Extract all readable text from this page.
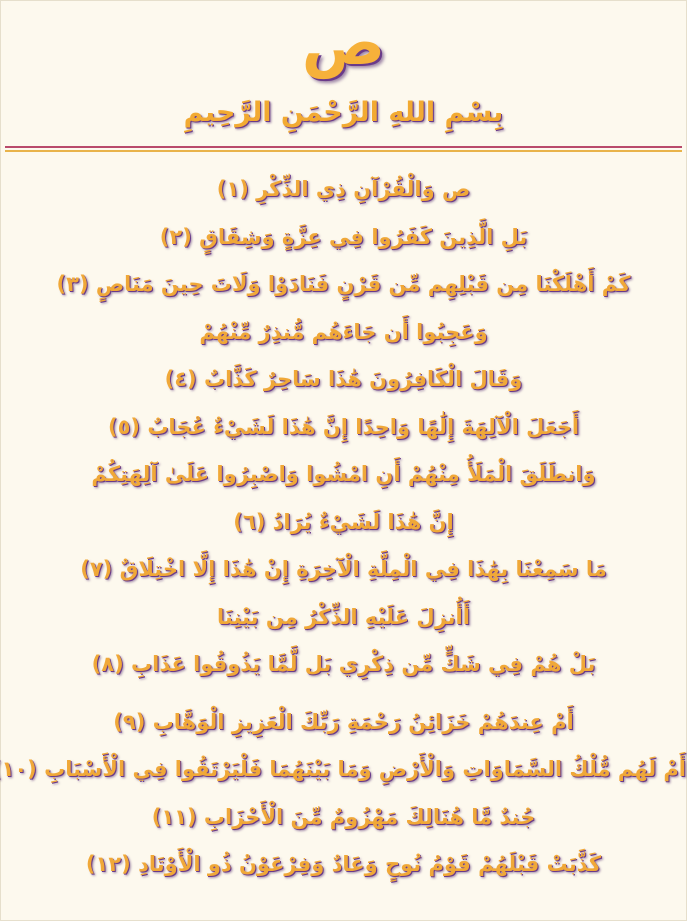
ص
بِسْمِ اللهِ الرَّحْمَنِ الرَّحِيمِ
ص وَالْقُرْآنِ ذِي الذِّكْرِ (١)
بَلِ الَّذِينَ كَفَرُوا فِي عِزَّةٍ وَشِقَاقٍ (٢)
كَمْ أَهْلَكْنَا مِن قَبْلِهِم مِّن قَرْنٍ فَنَادَوْا وَلَاتَ حِينَ مَنَاصٍ (٣)
وَعَجِبُوا أَن جَاءَهُم مُّنذِرٌ مِّنْهُمْ
وَقَالَ الْكَافِرُونَ هَٰذَا سَاحِرٌ كَذَّابٌ (٤)
أَجَعَلَ الْآلِهَةَ إِلَٰهًا وَاحِدًا إِنَّ هَٰذَا لَشَيْءٌ عُجَابٌ (٥)
وَانطَلَقَ الْمَلَأُ مِنْهُمْ أَنِ امْشُوا وَاصْبِرُوا عَلَىٰ آلِهَتِكُمْ
إِنَّ هَٰذَا لَشَيْءٌ يُرَادُ (٦)
مَا سَمِعْنَا بِهَٰذَا فِي الْمِلَّةِ الْآخِرَةِ إِنْ هَٰذَا إِلَّا اخْتِلَاقٌ (٧)
أَأُنزِلَ عَلَيْهِ الذِّكْرُ مِن بَيْنِنَا
بَلْ هُمْ فِي شَكٍّ مِّن ذِكْرِي بَل لَّمَّا يَذُوقُوا عَذَابِ (٨)
أَمْ عِندَهُمْ خَزَائِنُ رَحْمَةِ رَبِّكَ الْعَزِيزِ الْوَهَّابِ (٩)
أَمْ لَهُم مُّلْكُ السَّمَاوَاتِ وَالْأَرْضِ وَمَا بَيْنَهُمَا فَلْيَرْتَقُوا فِي الْأَسْبَابِ (١٠
جُندٌ مَّا هُنَالِكَ مَهْزُومٌ مِّنَ الْأَحْزَابِ (١١)
كَذَّبَتْ قَبْلَهُمْ قَوْمُ نُوحٍ وَعَادٌ وَفِرْعَوْنُ ذُو الْأَوْتَادِ (١٢)
